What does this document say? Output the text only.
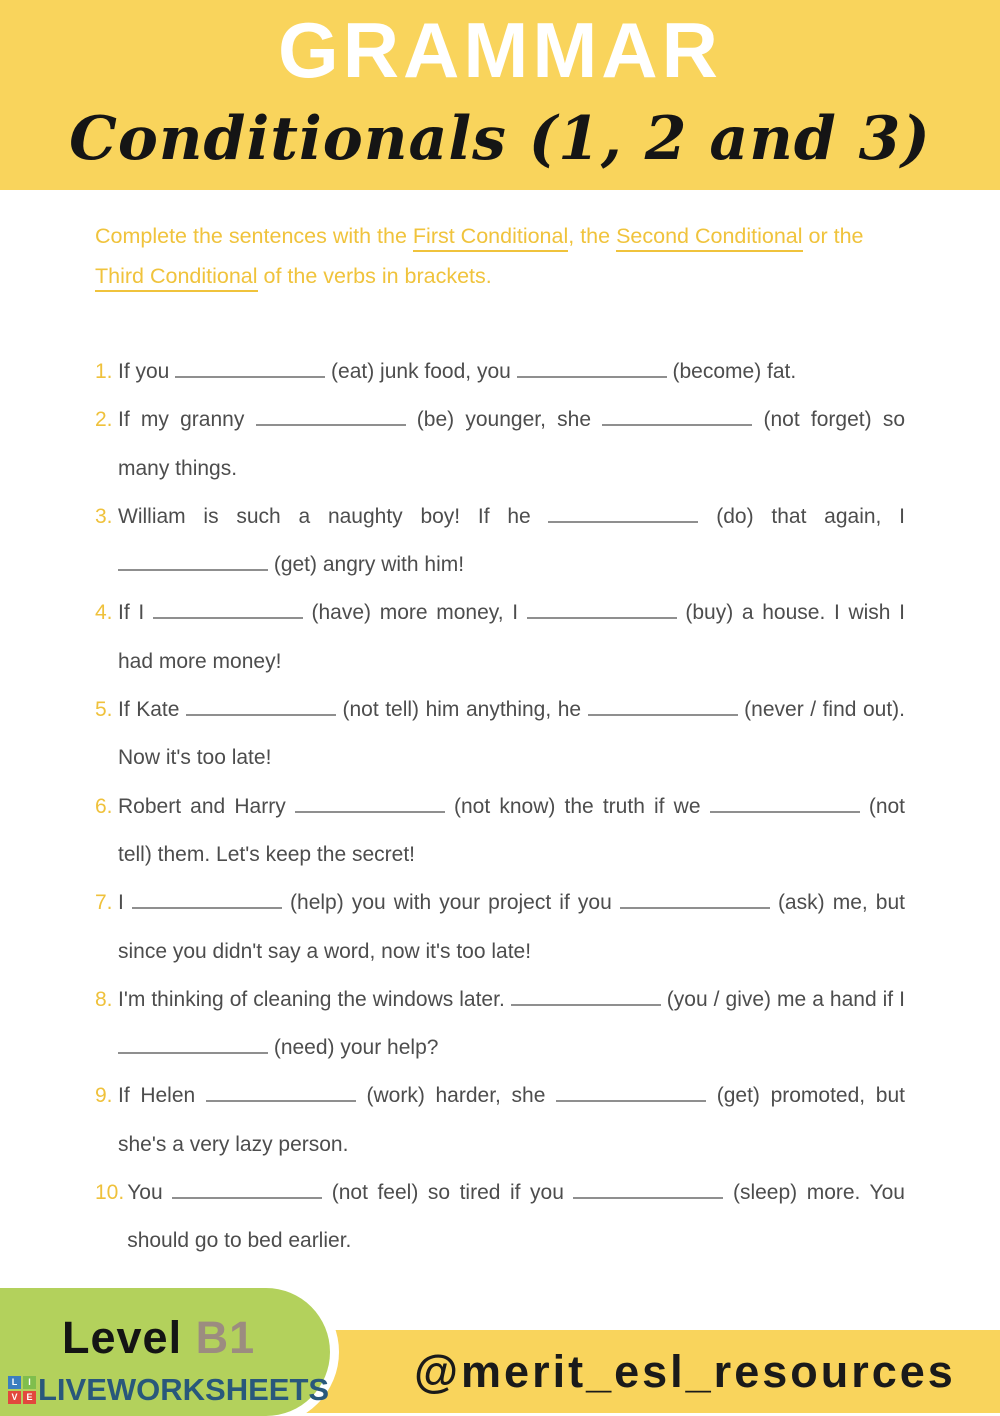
GRAMMAR
Conditionals (1, 2 and 3)

Complete the sentences with the First Conditional, the Second Conditional or the Third Conditional of the verbs in brackets.

1. If you	(eat) junk food, you	(become) fat.

2. If my granny	(be) younger, she	(not forget) so many things.

3. William is such a naughty boy! If he	(do) that again, I  (get) angry with him!

4. If I	(have) more money, I	(buy) a house. I wish I had more money!

5. If Kate	(not tell) him anything, he	(never / find out). Now it's too late!

6. Robert and Harry	(not know) the truth if we	(not tell) them. Let's keep the secret!

7. I	(help) you with your project if you	(ask) me, but since you didn't say a word, now it's too late!

8. I'm thinking of cleaning the windows later.	(you / give) me a hand if I  (need) your help?

9. If Helen	(work) harder, she	(get) promoted, but she's a very lazy person.

10. You	(not feel) so tired if you	(sleep) more. You should go to bed earlier.

@merit_esl_resources
Level B1
L	I
V E LIVEWORKSHEETS
